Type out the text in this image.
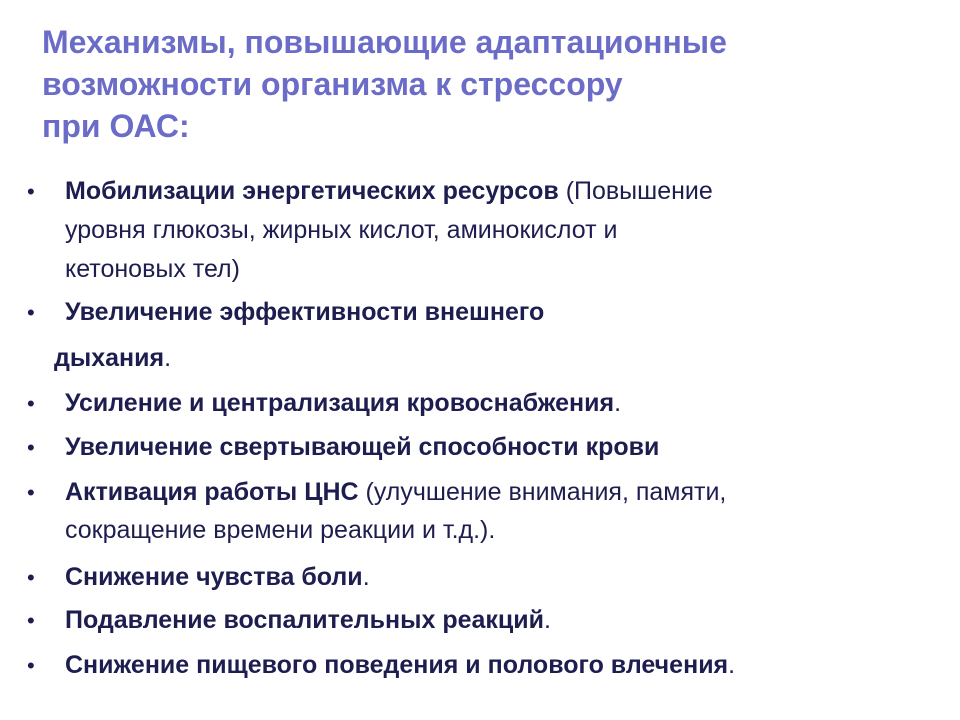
Механизмы, повышающие адаптационные
возможности организма к стрессору
при ОАС:
• Мобилизации энергетических ресурсов (Повышение
уровня глюкозы, жирных кислот, аминокислот и
кетоновых тел)
• Увеличение эффективности внешнего
дыхания.
• Усиление и централизация кровоснабжения.
• Увеличение свертывающей способности крови
• Активация работы ЦНС (улучшение внимания, памяти,
сокращение времени реакции и т.д.).
• Снижение чувства боли.
• Подавление воспалительных реакций.
• Снижение пищевого поведения и полового влечения.
